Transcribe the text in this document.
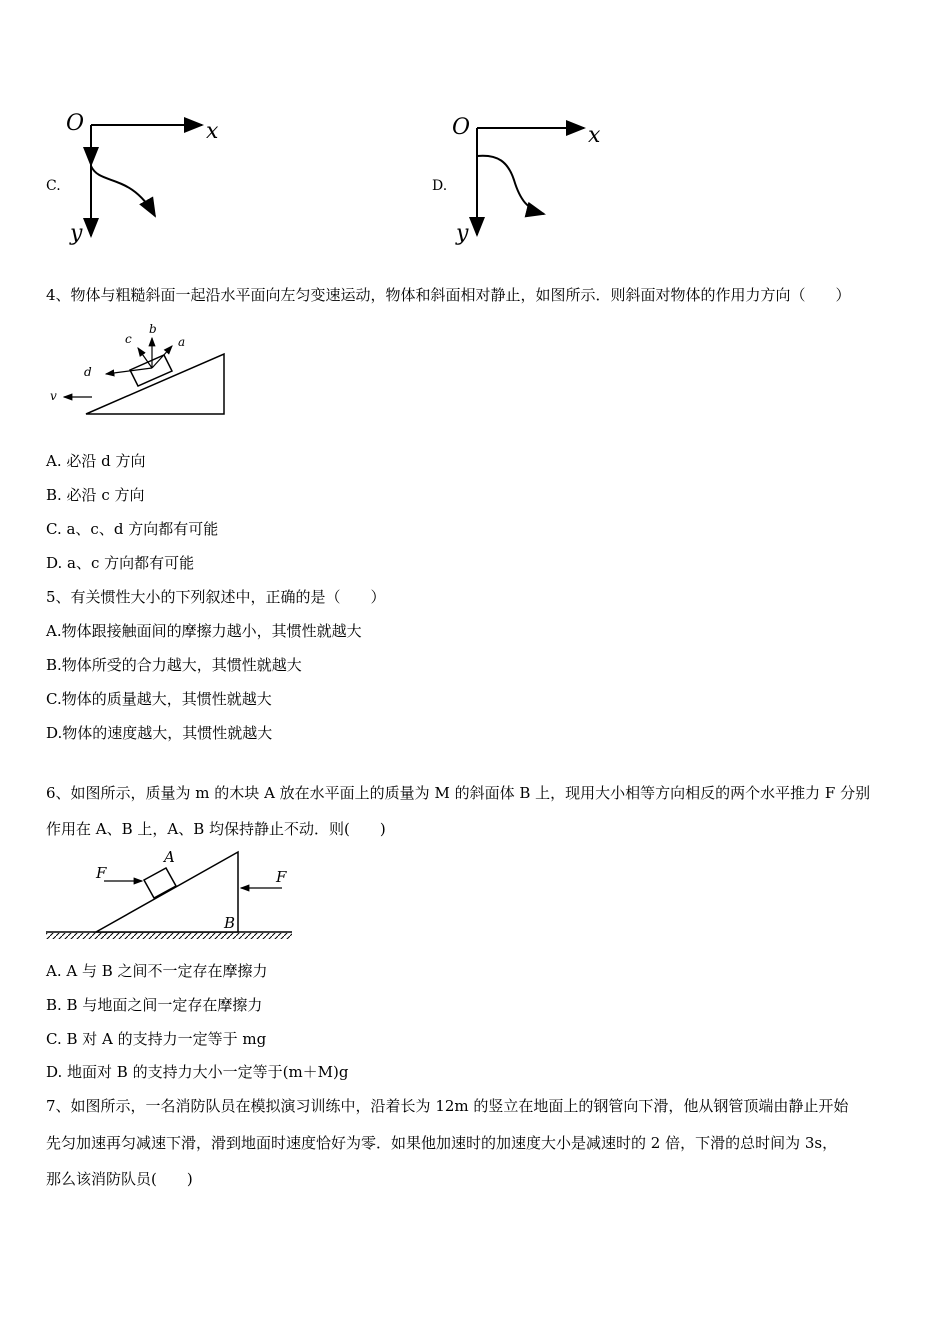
C.
O	x
y
D.
O	x
y
4、物体与粗糙斜面一起沿水平面向左匀变速运动，物体和斜面相对静止，如图所示．则斜面对物体的作用力方向（　　）
a
b
c
d
v
A. 必沿 d 方向
B. 必沿 c 方向
C. a、c、d 方向都有可能
D. a、c 方向都有可能
5、有关惯性大小的下列叙述中，正确的是（　　）
A.物体跟接触面间的摩擦力越小，其惯性就越大
B.物体所受的合力越大，其惯性就越大
C.物体的质量越大，其惯性就越大
D.物体的速度越大，其惯性就越大
6、如图所示，质量为 m 的木块 A 放在水平面上的质量为 M 的斜面体 B 上，现用大小相等方向相反的两个水平推力 F 分别
作用在 A、B 上，A、B 均保持静止不动．则(　　)
F
A
F
B
A. A 与 B 之间不一定存在摩擦力
B. B 与地面之间一定存在摩擦力
C. B 对 A 的支持力一定等于 mg
D. 地面对 B 的支持力大小一定等于(m＋M)g
7、如图所示，一名消防队员在模拟演习训练中，沿着长为 12m 的竖立在地面上的钢管向下滑，他从钢管顶端由静止开始
先匀加速再匀减速下滑，滑到地面时速度恰好为零．如果他加速时的加速度大小是减速时的 2 倍，下滑的总时间为 3s，
那么该消防队员(　　)
